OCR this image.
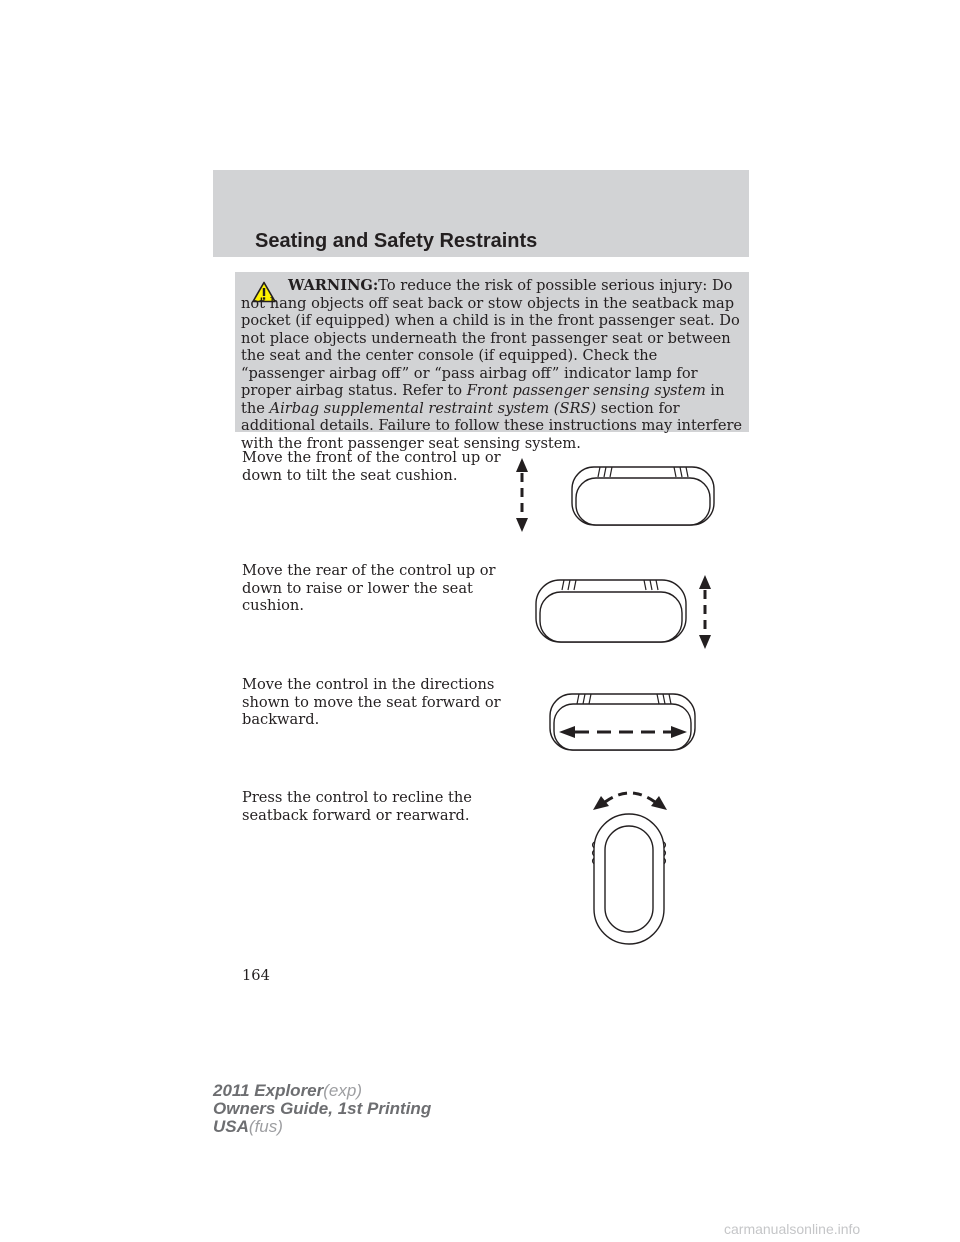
Seating and Safety Restraints

WARNING:To reduce the risk of possible serious injury: Do not hang objects off seat back or stow objects in the seatback map pocket (if equipped) when a child is in the front passenger seat. Do not place objects underneath the front passenger seat or between the seat and the center console (if equipped). Check the “passenger airbag off” or “pass airbag off” indicator lamp for proper airbag status. Refer to Front passenger sensing system in the Airbag supplemental restraint system (SRS) section for additional details. Failure to follow these instructions may interfere with the front passenger seat sensing system.

Move the front of the control up or down to tilt the seat cushion.

Move the rear of the control up or down to raise or lower the seat cushion.

Move the control in the directions shown to move the seat forward or backward.

Press the control to recline the seatback forward or rearward.

164

2011 Explorer(exp)
Owners Guide, 1st Printing
USA(fus)

carmanualsonline.info
